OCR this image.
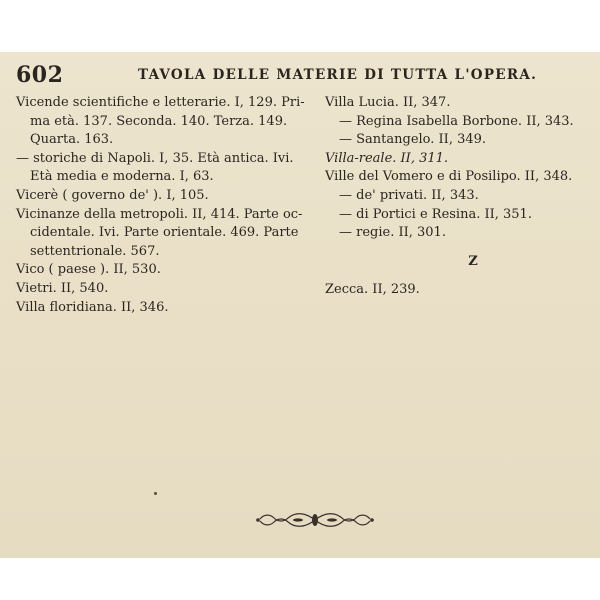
602	TAVOLA DELLE MATERIE DI TUTTA L'OPERA.
Vicende scientifiche e letterarie. I, 129. Pri-
ma età. 137. Seconda. 140. Terza. 149.
Quarta. 163.
— storiche di Napoli. I, 35. Età antica. Ivi.
Età media e moderna. I, 63.
Vicerè ( governo de' ). I, 105.
Vicinanze della metropoli. II, 414. Parte oc-
cidentale. Ivi. Parte orientale. 469. Parte
settentrionale. 567.
Vico ( paese ). II, 530.
Vietri. II, 540.
Villa floridiana. II, 346.
Villa Lucia. II, 347.
— Regina Isabella Borbone. II, 343.
— Santangelo. II, 349.
Villa-reale. II, 311.
Ville del Vomero e di Posilipo. II, 348.
— de' privati. II, 343.
— di Portici e Resina. II, 351.
— regie. II, 301.
Z
Zecca. II, 239.
